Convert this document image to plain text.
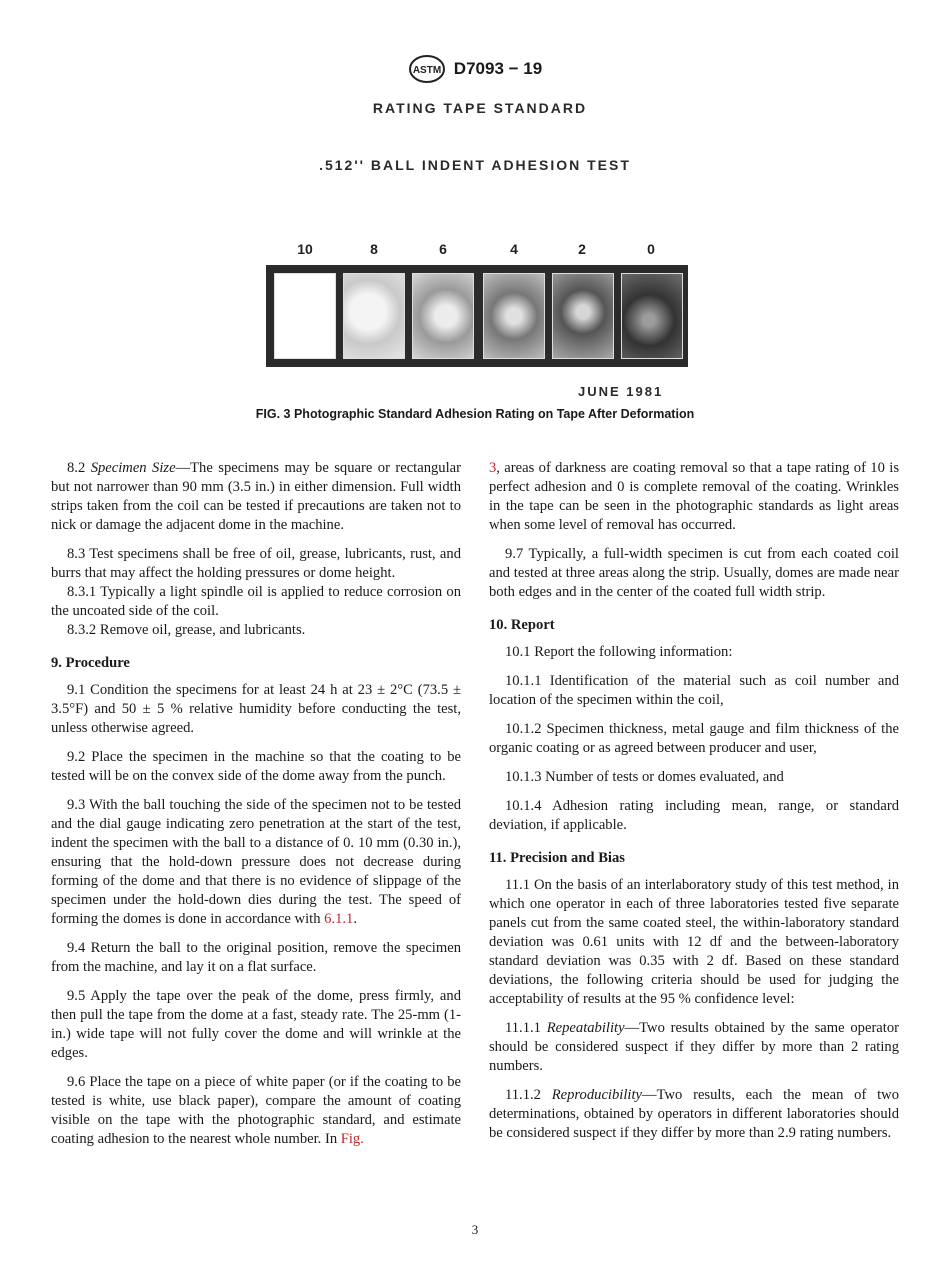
ASTM D7093 − 19
RATING TAPE STANDARD
.512'' BALL INDENT ADHESION TEST
10	8	6	4	2	0
JUNE 1981
FIG. 3 Photographic Standard Adhesion Rating on Tape After Deformation

8.2 Specimen Size—The specimens may be square or rectangular but not narrower than 90 mm (3.5 in.) in either dimension. Full width strips taken from the coil can be tested if precautions are taken not to nick or damage the adjacent dome in the machine.

8.3 Test specimens shall be free of oil, grease, lubricants, rust, and burrs that may affect the holding pressures or dome height.

8.3.1 Typically a light spindle oil is applied to reduce corrosion on the uncoated side of the coil.

8.3.2 Remove oil, grease, and lubricants.

9. Procedure

9.1 Condition the specimens for at least 24 h at 23 ± 2°C (73.5 ± 3.5°F) and 50 ± 5 % relative humidity before conducting the test, unless otherwise agreed.

9.2 Place the specimen in the machine so that the coating to be tested will be on the convex side of the dome away from the punch.

9.3 With the ball touching the side of the specimen not to be tested and the dial gauge indicating zero penetration at the start of the test, indent the specimen with the ball to a distance of 0. 10 mm (0.30 in.), ensuring that the hold-down pressure does not decrease during forming of the dome and that there is no evidence of slippage of the specimen under the hold-down dies during the test. The speed of forming the domes is done in accordance with 6.1.1.

9.4 Return the ball to the original position, remove the specimen from the machine, and lay it on a flat surface.

9.5 Apply the tape over the peak of the dome, press firmly, and then pull the tape from the dome at a fast, steady rate. The 25-mm (1-in.) wide tape will not fully cover the dome and will wrinkle at the edges.

9.6 Place the tape on a piece of white paper (or if the coating to be tested is white, use black paper), compare the amount of coating visible on the tape with the photographic standard, and estimate coating adhesion to the nearest whole number. In Fig.

3, areas of darkness are coating removal so that a tape rating of 10 is perfect adhesion and 0 is complete removal of the coating. Wrinkles in the tape can be seen in the photographic standards as light areas when some level of removal has occurred.

9.7 Typically, a full-width specimen is cut from each coated coil and tested at three areas along the strip. Usually, domes are made near both edges and in the center of the coated full width strip.

10. Report

10.1 Report the following information:

10.1.1 Identification of the material such as coil number and location of the specimen within the coil,

10.1.2 Specimen thickness, metal gauge and film thickness of the organic coating or as agreed between producer and user,

10.1.3 Number of tests or domes evaluated, and

10.1.4 Adhesion rating including mean, range, or standard deviation, if applicable.

11. Precision and Bias

11.1 On the basis of an interlaboratory study of this test method, in which one operator in each of three laboratories tested five separate panels cut from the same coated steel, the within-laboratory standard deviation was 0.61 units with 12 df and the between-laboratory standard deviation was 0.35 with 2 df. Based on these standard deviations, the following criteria should be used for judging the acceptability of results at the 95 % confidence level:

11.1.1 Repeatability—Two results obtained by the same operator should be considered suspect if they differ by more than 2 rating numbers.

11.1.2 Reproducibility—Two results, each the mean of two determinations, obtained by operators in different laboratories should be considered suspect if they differ by more than 2.9 rating numbers.

3
